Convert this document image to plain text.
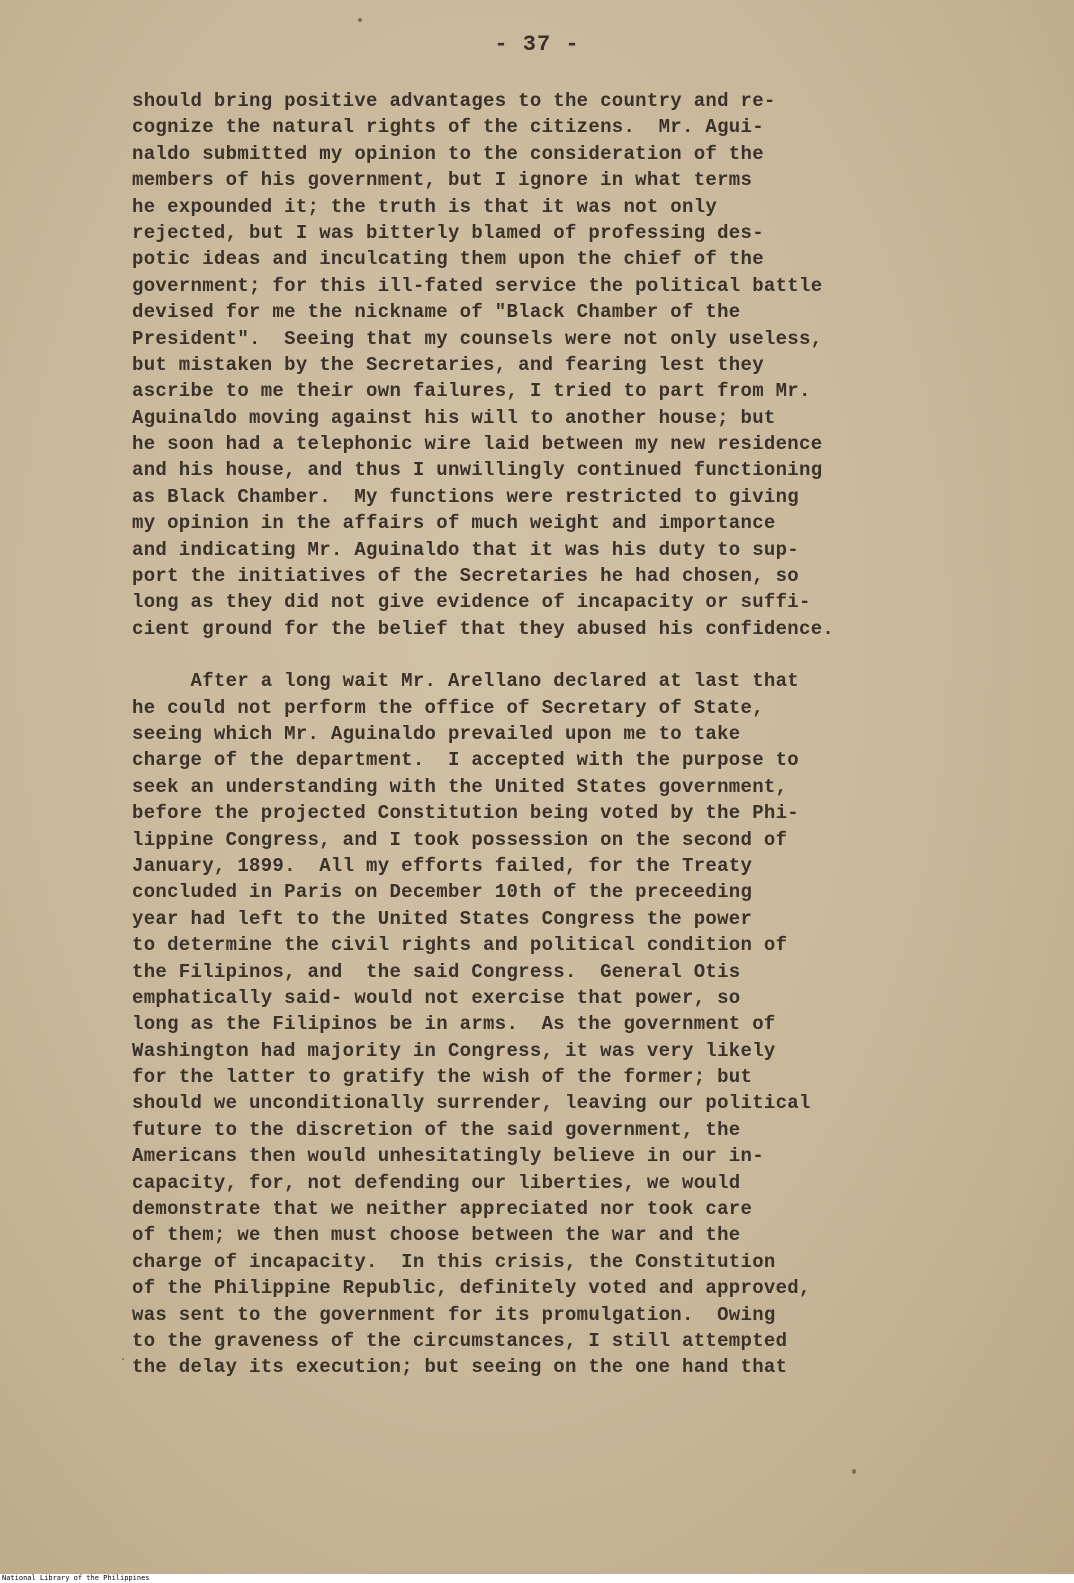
- 37 -
should bring positive advantages to the country and re-
cognize the natural rights of the citizens.  Mr. Agui-
naldo submitted my opinion to the consideration of the
members of his government, but I ignore in what terms
he expounded it; the truth is that it was not only
rejected, but I was bitterly blamed of professing des-
potic ideas and inculcating them upon the chief of the
government; for this ill-fated service the political battle
devised for me the nickname of "Black Chamber of the
President".  Seeing that my counsels were not only useless,
but mistaken by the Secretaries, and fearing lest they
ascribe to me their own failures, I tried to part from Mr.
Aguinaldo moving against his will to another house; but
he soon had a telephonic wire laid between my new residence
and his house, and thus I unwillingly continued functioning
as Black Chamber.  My functions were restricted to giving
my opinion in the affairs of much weight and importance
and indicating Mr. Aguinaldo that it was his duty to sup-
port the initiatives of the Secretaries he had chosen, so
long as they did not give evidence of incapacity or suffi-
cient ground for the belief that they abused his confidence.
After a long wait Mr. Arellano declared at last that
he could not perform the office of Secretary of State,
seeing which Mr. Aguinaldo prevailed upon me to take
charge of the department.  I accepted with the purpose to
seek an understanding with the United States government,
before the projected Constitution being voted by the Phi-
lippine Congress, and I took possession on the second of
January, 1899.  All my efforts failed, for the Treaty
concluded in Paris on December 10th of the preceeding
year had left to the United States Congress the power
to determine the civil rights and political condition of
the Filipinos, and  the said Congress.  General Otis
emphatically said- would not exercise that power, so
long as the Filipinos be in arms.  As the government of
Washington had majority in Congress, it was very likely
for the latter to gratify the wish of the former; but
should we unconditionally surrender, leaving our political
future to the discretion of the said government, the
Americans then would unhesitatingly believe in our in-
capacity, for, not defending our liberties, we would
demonstrate that we neither appreciated nor took care
of them; we then must choose between the war and the
charge of incapacity.  In this crisis, the Constitution
of the Philippine Republic, definitely voted and approved,
was sent to the government for its promulgation.  Owing
to the graveness of the circumstances, I still attempted
the delay its execution; but seeing on the one hand that
National Library of the Philippines
